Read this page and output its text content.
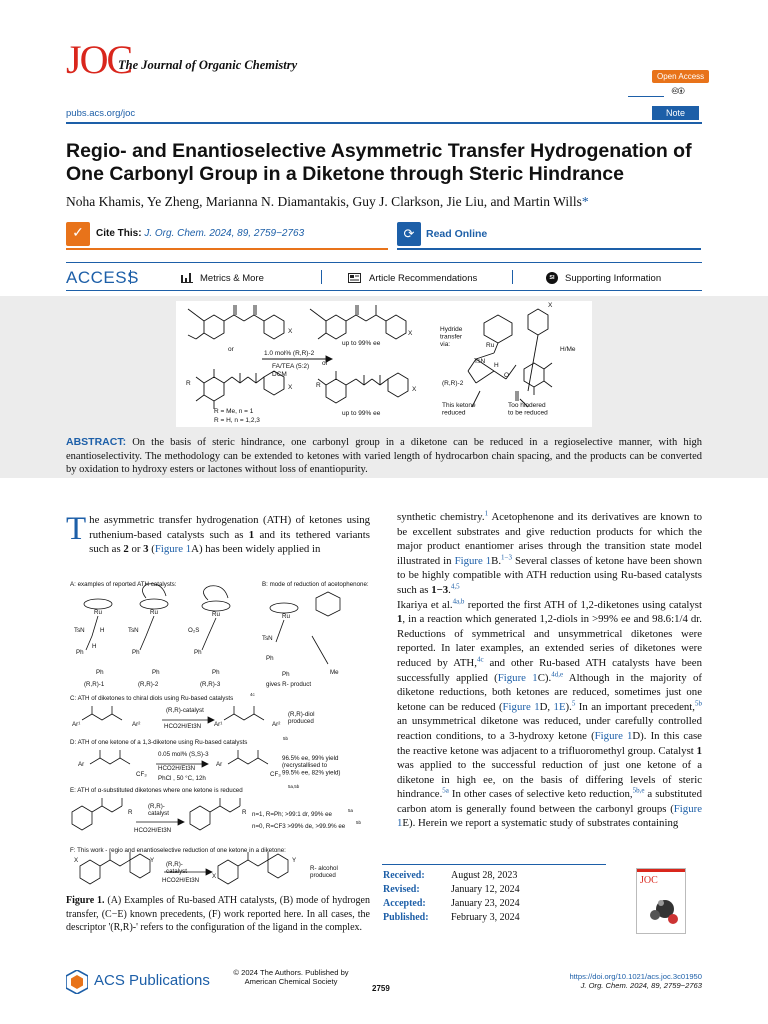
JOC
The Journal of Organic Chemistry
Open Access
🅭🅯
pubs.acs.org/joc	Note
Regio- and Enantioselective Asymmetric Transfer Hydrogenation of One Carbonyl Group in a Diketone through Steric Hindrance
Noha Khamis, Ye Zheng, Marianna N. Diamantakis, Guy J. Clarkson, Jie Liu, and Martin Wills*
✓	Cite This: J. Org. Chem. 2024, 89, 2759−2763	⟳	Read Online
ACCESS	Metrics & More	Article Recommendations	SI	Supporting Information
X	X
X	X
R	R
X
or
1.0 mol% (R,R)-2
FA/TEA (5:2)
DCM
or
up to 99% ee
up to 99% ee
R = Me, n = 1
R = H, n = 1,2,3
Hydride transfer via:
(R,R)-2
This ketone reduced
Too hindered to be reduced
H/Me
Ru
TsN
H
O
ABSTRACT: On the basis of steric hindrance, one carbonyl group in a diketone can be reduced in a regioselective manner, with high enantioselectivity. The methodology can be extended to ketones with varied length of hydrocarbon chain spacing, and the products can be converted by oxidation to hydroxy esters or lactones without loss of enantiopurity.
The asymmetric transfer hydrogenation (ATH) of ketones using ruthenium-based catalysts such as 1 and its tethered variants such as 2 or 3 (Figure 1A) has been widely applied in
A: examples of reported ATH catalysts:	B: mode of reduction of acetophenone:
(R,R)-1	(R,R)-2	(R,R)-3	gives R- product
C: ATH of diketones to chiral diols using Ru-based catalysts
4c
(R,R)-catalyst
HCO2H/Et3N
(R,R)-diol produced
D: ATH of one ketone of a 1,3-diketone using Ru-based catalysts
5b
0.05 mol% (S,S)-3
HCO2H/Et3N
PhCl , 50 °C, 12h
96.5% ee, 99% yield (recrystallised to 99.5% ee, 82% yield)
E: ATH of α-substituted diketones where one ketone is reduced
5a,5b
(R,R)-catalyst
HCO2H/Et3N
n=1, R=Ph; >99:1 dr, 99% ee
5a
n=0, R=CF3 >99% de, >99.9% ee
5b
F: This work - regio and enantioselective reduction of one ketone in a diketone:
(R,R)-catalyst
HCO2H/Et3N
R- alcohol produced
Ru
TsN H
H
Ph
Ph
Ru
TsN
Ph
Ph
Ru
O₂S
Ph
Ph
Ru
TsN
Ph
Ph	Me
Ar¹	Ar²	Ar¹	Ar²
Ar
CF₃
Ar
CF₃
R	R
X	Y
X
Y
Figure 1. (A) Examples of Ru-based ATH catalysts, (B) mode of hydrogen transfer, (C−E) known precedents, (F) work reported here. In all cases, the descriptor '(R,R)-' refers to the configuration of the ligand in the complex.
synthetic chemistry.$^1$ Acetophenone and its derivatives are known to be excellent substrates and give reduction products for which the major product enantiomer arises through the transition state model illustrated in Figure 1B.$^{1-3}$ Several classes of ketone have been shown to be highly compatible with ATH reduction using Ru-based catalysts such as 1−3.$^{4,5}$
Ikariya et al.$^{4a,b}$ reported the first ATH of 1,2-diketones using catalyst 1, in a reaction which generated 1,2-diols in >99% ee and 98.6:1/4 dr. Reductions of symmetrical and unsymmetrical diketones were reported. In later examples, an extended series of diketones were reduced by ATH,$^{4c}$ and other Ru-based ATH catalysts have been successfully applied (Figure 1C).$^{4d,e}$ Although in the majority of diketone reductions, both ketones are reduced, sometimes just one ketone can be reduced (Figure 1D, 1E).$^5$ In an important precedent,$^{5b}$ an unsymmetrical diketone was reduced, under carefully controlled reaction conditions, to a 3-hydroxy ketone (Figure 1D). In this case the reactive ketone was adjacent to a trifluoromethyl group. Catalyst 1 was applied to the successful reduction of just one ketone of a diketone in high ee, on the basis of differing levels of steric hindrance.$^{5a}$ In other cases of selective keto reduction,$^{5b,e}$ a substituted carbon atom is generally found between the carbonyl groups (Figure 1E). Herein we report a systematic study of substrates containing
Received:	August 28, 2023
Revised:	January 12, 2024
Accepted:	January 23, 2024
Published: February 3, 2024
JOC
ACS Publications	© 2024 The Authors. Published by American Chemical Society
2759
https://doi.org/10.1021/acs.joc.3c01950
J. Org. Chem. 2024, 89, 2759−2763
